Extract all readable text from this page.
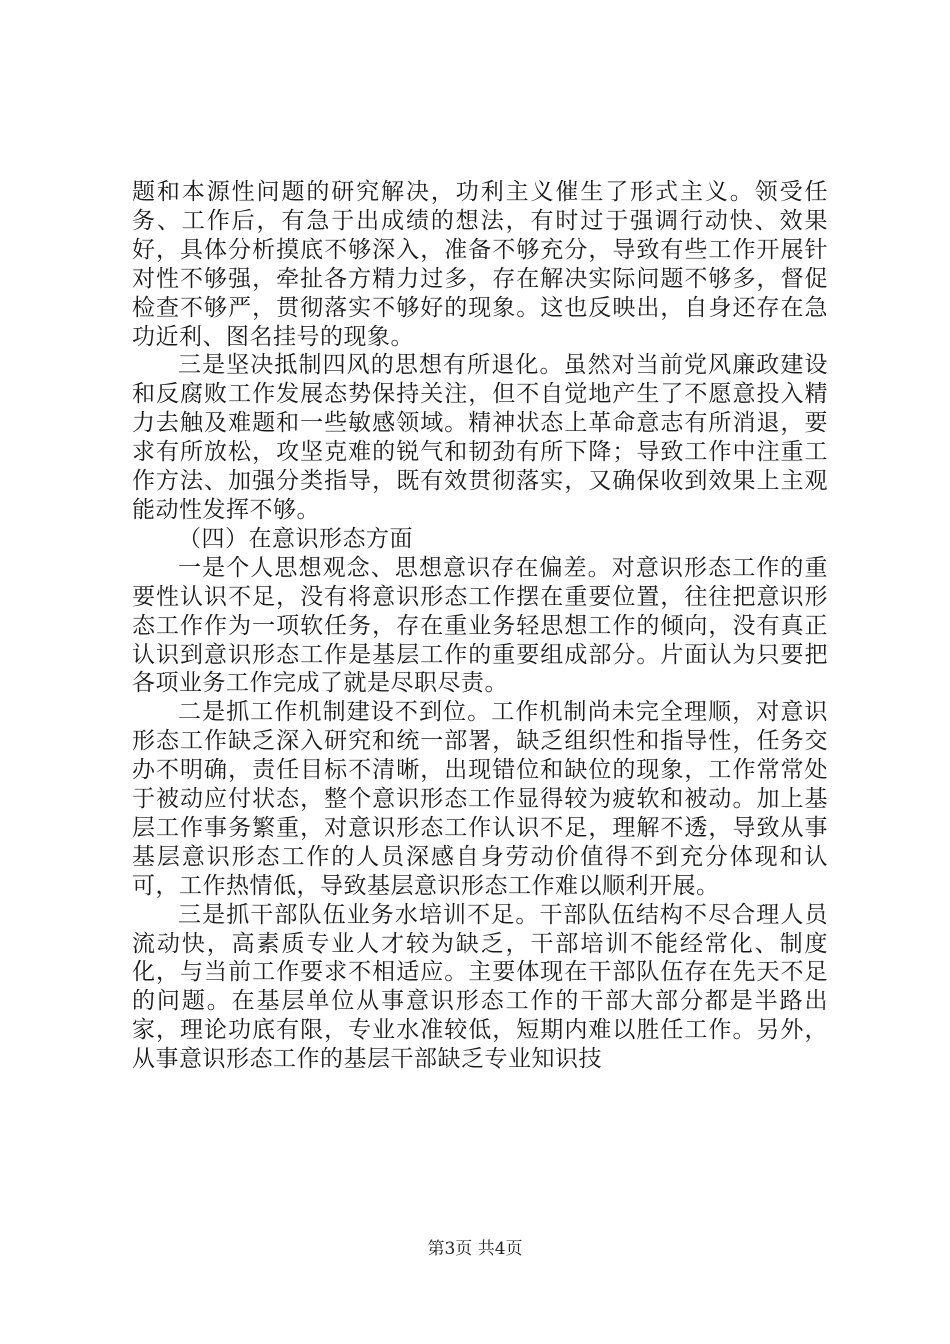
题和本源性问题的研究解决，功利主义催生了形式主义。领受任务、工作后，有急于出成绩的想法，有时过于强调行动快、效果好，具体分析摸底不够深入，准备不够充分，导致有些工作开展针对性不够强，牵扯各方精力过多，存在解决实际问题不够多，督促检查不够严，贯彻落实不够好的现象。这也反映出，自身还存在急功近利、图名挂号的现象。

三是坚决抵制四风的思想有所退化。虽然对当前党风廉政建设和反腐败工作发展态势保持关注，但不自觉地产生了不愿意投入精力去触及难题和一些敏感领域。精神状态上革命意志有所消退，要求有所放松，攻坚克难的锐气和韧劲有所下降；导致工作中注重工作方法、加强分类指导，既有效贯彻落实，又确保收到效果上主观能动性发挥不够。

（四）在意识形态方面

一是个人思想观念、思想意识存在偏差。对意识形态工作的重要性认识不足，没有将意识形态工作摆在重要位置，往往把意识形态工作作为一项软任务，存在重业务轻思想工作的倾向，没有真正认识到意识形态工作是基层工作的重要组成部分。片面认为只要把各项业务工作完成了就是尽职尽责。

二是抓工作机制建设不到位。工作机制尚未完全理顺，对意识形态工作缺乏深入研究和统一部署，缺乏组织性和指导性，任务交办不明确，责任目标不清晰，出现错位和缺位的现象，工作常常处于被动应付状态，整个意识形态工作显得较为疲软和被动。加上基层工作事务繁重，对意识形态工作认识不足，理解不透，导致从事基层意识形态工作的人员深感自身劳动价值得不到充分体现和认可，工作热情低，导致基层意识形态工作难以顺利开展。

三是抓干部队伍业务水培训不足。干部队伍结构不尽合理人员流动快，高素质专业人才较为缺乏，干部培训不能经常化、制度化，与当前工作要求不相适应。主要体现在干部队伍存在先天不足的问题。在基层单位从事意识形态工作的干部大部分都是半路出家，理论功底有限，专业水准较低，短期内难以胜任工作。另外，从事意识形态工作的基层干部缺乏专业知识技

第3页 共4页
